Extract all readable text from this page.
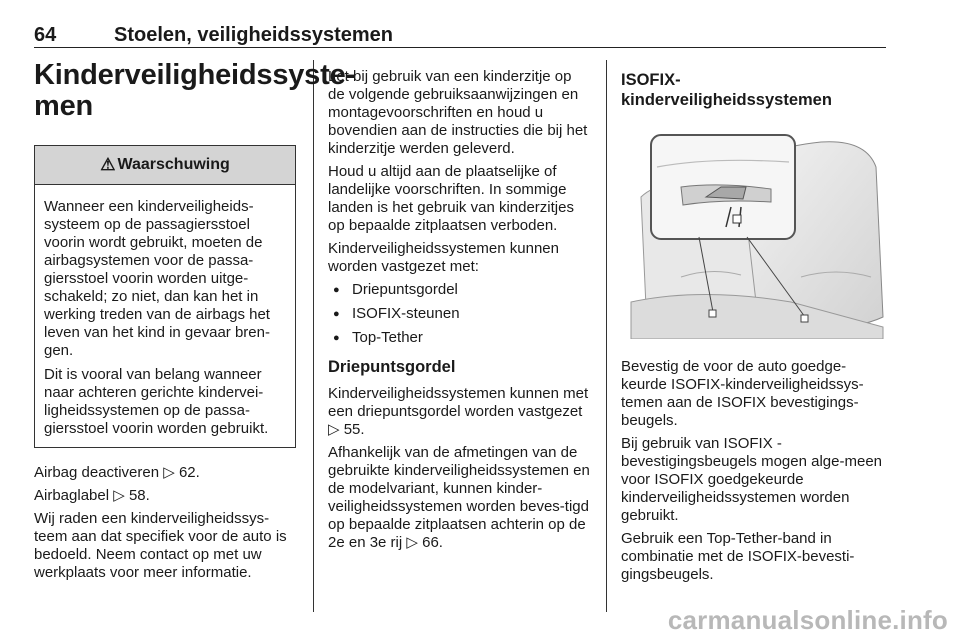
64	Stoelen, veiligheidssystemen
Kinderveiligheidssyste-
men
⚠ Waarschuwing

Wanneer een kinderveiligheids-systeem op de passagiersstoel voorin wordt gebruikt, moeten de airbagsystemen voor de passa-giersstoel voorin worden uitge-schakeld; zo niet, dan kan het in werking treden van de airbags het leven van het kind in gevaar bren-gen.

Dit is vooral van belang wanneer naar achteren gerichte kindervei-ligheidssystemen op de passa-giersstoel voorin worden gebruikt.

Airbag deactiveren ▷ 62.

Airbaglabel ▷ 58.

Wij raden een kinderveiligheidssys-teem aan dat specifiek voor de auto is bedoeld. Neem contact op met uw werkplaats voor meer informatie.

Let bij gebruik van een kinderzitje op de volgende gebruiksaanwijzingen en montagevoorschriften en houd u bovendien aan de instructies die bij het kinderzitje werden geleverd.

Houd u altijd aan de plaatselijke of landelijke voorschriften. In sommige landen is het gebruik van kinderzitjes op bepaalde zitplaatsen verboden.

Kinderveiligheidssystemen kunnen worden vastgezet met:

● Driepuntsgordel
● ISOFIX-steunen
● Top-Tether
Driepuntsgordel

Kinderveiligheidssystemen kunnen met een driepuntsgordel worden vastgezet ▷ 55.

Afhankelijk van de afmetingen van de gebruikte kinderveiligheidssystemen en de modelvariant, kunnen kinder-veiligheidssystemen worden beves-tigd op bepaalde zitplaatsen achterin op de 2e en 3e rij ▷ 66.

ISOFIX-
kinderveiligheidssystemen

Bevestig de voor de auto goedge-keurde ISOFIX-kinderveiligheidssys-temen aan de ISOFIX bevestigings-beugels.

Bij gebruik van ISOFIX - bevestigingsbeugels mogen alge-meen voor ISOFIX goedgekeurde kinderveiligheidssystemen worden gebruikt.

Gebruik een Top-Tether-band in combinatie met de ISOFIX-bevesti-gingsbeugels.

carmanualsonline.info
